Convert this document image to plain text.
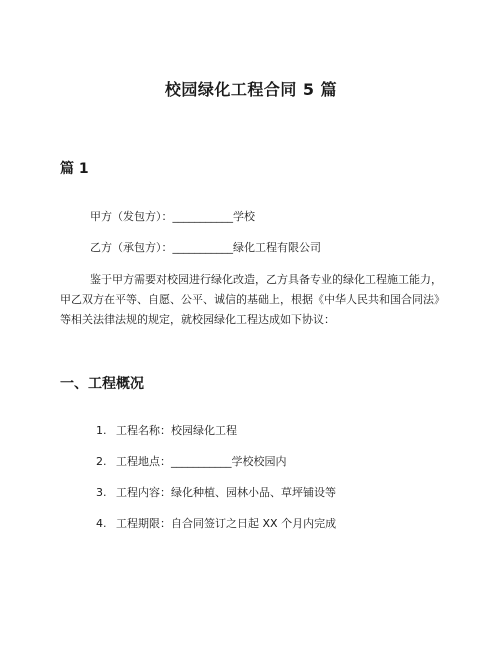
校园绿化工程合同 5 篇
篇 1
甲方（发包方）：___________学校
乙方（承包方）：___________绿化工程有限公司
鉴于甲方需要对校园进行绿化改造，乙方具备专业的绿化工程施工能力，甲乙双方在平等、自愿、公平、诚信的基础上，根据《中华人民共和国合同法》等相关法律法规的规定，就校园绿化工程达成如下协议：
一、工程概况
1. 工程名称：校园绿化工程
2. 工程地点：___________学校校园内
3. 工程内容：绿化种植、园林小品、草坪铺设等
4. 工程期限：自合同签订之日起 XX 个月内完成
